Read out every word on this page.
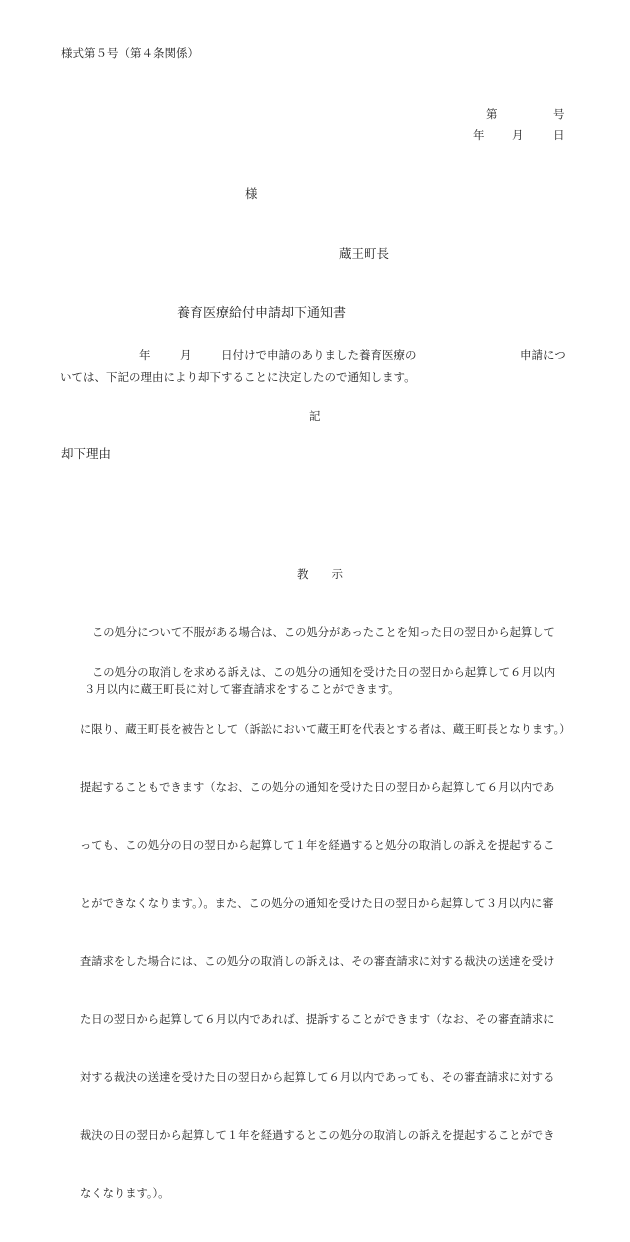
様式第５号（第４条関係）
第	号
年 月	日
様
蔵王町長
養育医療給付申請却下通知書
年	月	日付けで申請のありました養育医療の	申請につ
いては、下記の理由により却下することに決定したので通知します。
記
却下理由
教　　示

この処分について不服がある場合は、この処分があったことを知った日の翌日から起算して

３月以内に蔵王町長に対して審査請求をすることができます。

この処分の取消しを求める訴えは、この処分の通知を受けた日の翌日から起算して６月以内

に限り、蔵王町長を被告として（訴訟において蔵王町を代表とする者は、蔵王町長となります。）

提起することもできます（なお、この処分の通知を受けた日の翌日から起算して６月以内であ

っても、この処分の日の翌日から起算して１年を経過すると処分の取消しの訴えを提起するこ

とができなくなります。）。また、この処分の通知を受けた日の翌日から起算して３月以内に審

査請求をした場合には、この処分の取消しの訴えは、その審査請求に対する裁決の送達を受け

た日の翌日から起算して６月以内であれば、提訴することができます（なお、その審査請求に

対する裁決の送達を受けた日の翌日から起算して６月以内であっても、その審査請求に対する

裁決の日の翌日から起算して１年を経過するとこの処分の取消しの訴えを提起することができ

なくなります。）。
